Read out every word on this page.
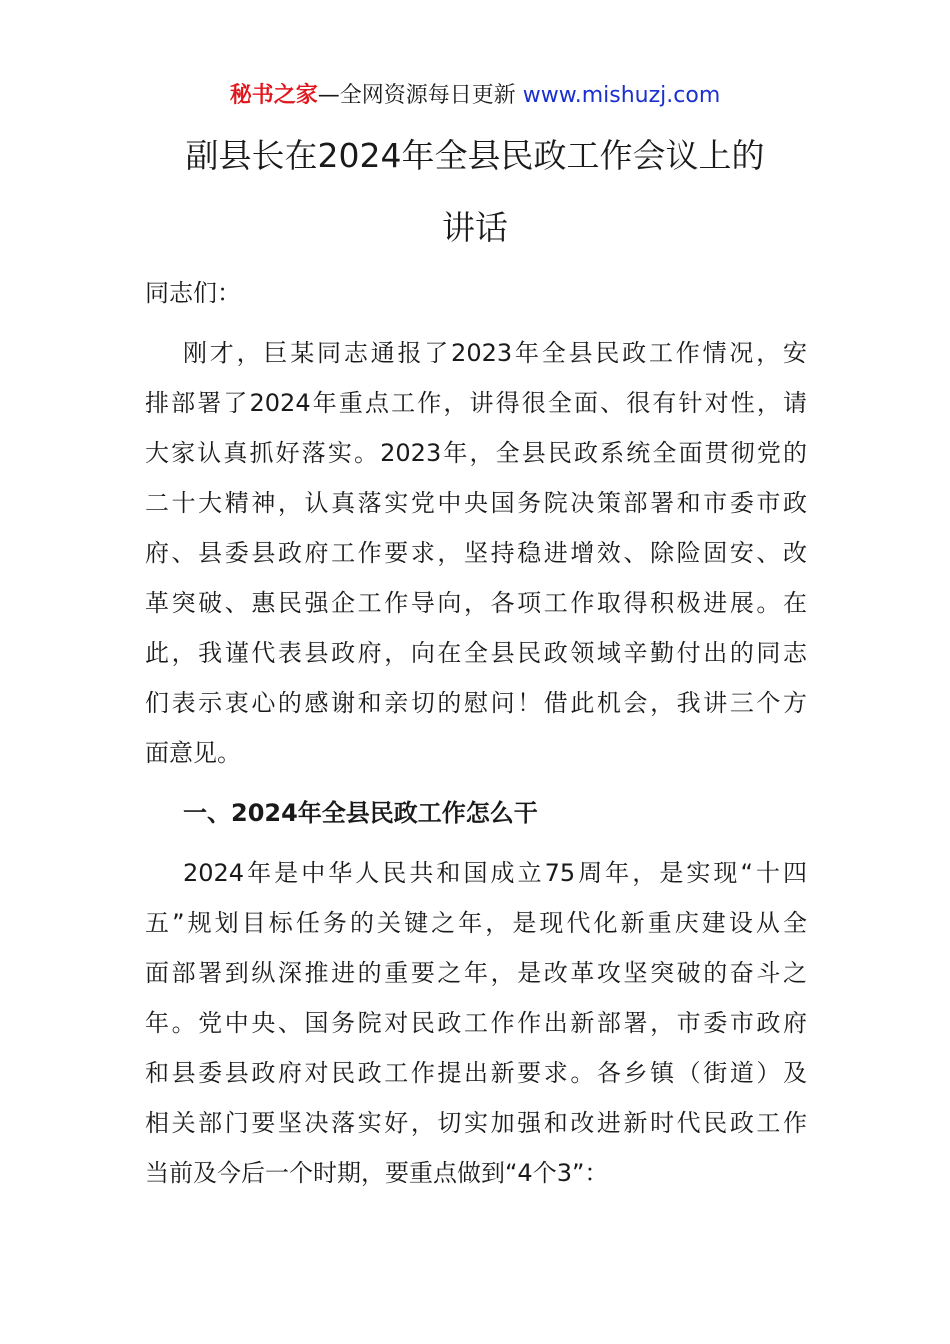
秘书之家—全网资源每日更新 www.mishuzj.com
副县长在2024年全县民政工作会议上的
讲话

同志们：

刚才，巨某同志通报了2023年全县民政工作情况，安
排部署了2024年重点工作，讲得很全面、很有针对性，请
大家认真抓好落实。2023年，全县民政系统全面贯彻党的
二十大精神，认真落实党中央国务院决策部署和市委市政
府、县委县政府工作要求，坚持稳进增效、除险固安、改
革突破、惠民强企工作导向，各项工作取得积极进展。在
此，我谨代表县政府，向在全县民政领域辛勤付出的同志
们表示衷心的感谢和亲切的慰问！借此机会，我讲三个方
面意见。

一、2024年全县民政工作怎么干

2024年是中华人民共和国成立75周年，是实现“十四
五”规划目标任务的关键之年，是现代化新重庆建设从全
面部署到纵深推进的重要之年，是改革攻坚突破的奋斗之
年。党中央、国务院对民政工作作出新部署，市委市政府
和县委县政府对民政工作提出新要求。各乡镇（街道）及
相关部门要坚决落实好，切实加强和改进新时代民政工作
当前及今后一个时期，要重点做到“4个3”：
